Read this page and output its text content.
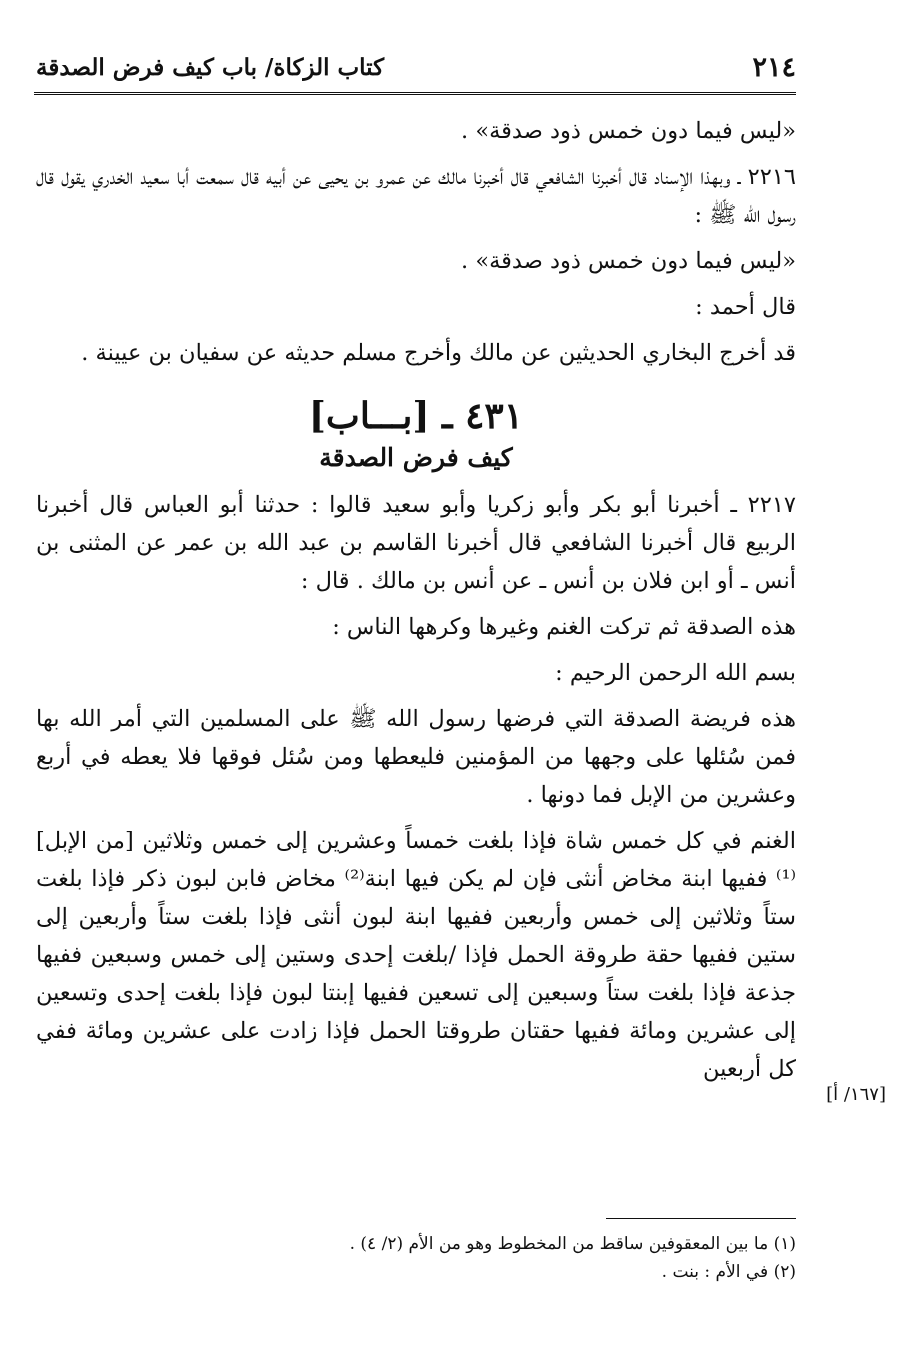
٢١٤
كتاب الزكاة/ باب كيف فرض الصدقة

«ليس فيما دون خمس ذود صدقة» .

٢٢١٦ ـ وبهذا الإسناد قال أخبرنا الشافعي قال أخبرنا مالك عن عمرو بن يحيى عن أبيه قال سمعت أبا سعيد الخدري يقول قال رسول الله ﷺ :

«ليس فيما دون خمس ذود صدقة» .

قال أحمد :

قد أخرج البخاري الحديثين عن مالك وأخرج مسلم حديثه عن سفيان بن عيينة .

٤٣١ ـ [بـــاب]
كيف فرض الصدقة

٢٢١٧ ـ أخبرنا أبو بكر وأبو زكريا وأبو سعيد قالوا : حدثنا أبو العباس قال أخبرنا الربيع قال أخبرنا الشافعي قال أخبرنا القاسم بن عبد الله بن عمر عن المثنى بن أنس ـ أو ابن فلان بن أنس ـ عن أنس بن مالك . قال :

هذه الصدقة ثم تركت الغنم وغيرها وكرهها الناس :

بسم الله الرحمن الرحيم :

هذه فريضة الصدقة التي فرضها رسول الله ﷺ على المسلمين التي أمر الله بها فمن سُئلها على وجهها من المؤمنين فليعطها ومن سُئل فوقها فلا يعطه في أربع وعشرين من الإبل فما دونها .

الغنم في كل خمس شاة فإذا بلغت خمساً وعشرين إلى خمس وثلاثين [من الإبل]⁽¹⁾ ففيها ابنة مخاض أنثى فإن لم يكن فيها ابنة⁽²⁾ مخاض فابن لبون ذكر فإذا بلغت ستاً وثلاثين إلى خمس وأربعين ففيها ابنة لبون أنثى فإذا بلغت ستاً وأربعين إلى ستين ففيها حقة طروقة الحمل فإذا /بلغت إحدى وستين إلى خمس وسبعين ففيها جذعة فإذا بلغت ستاً وسبعين إلى تسعين ففيها إبنتا لبون فإذا بلغت إحدى وتسعين إلى عشرين ومائة ففيها حقتان طروقتا الحمل فإذا زادت على عشرين ومائة ففي كل أربعين

[١٦٧/ أ]

(١) ما بين المعقوفين ساقط من المخطوط وهو من الأم (٢/ ٤) .

(٢) في الأم : بنت .
